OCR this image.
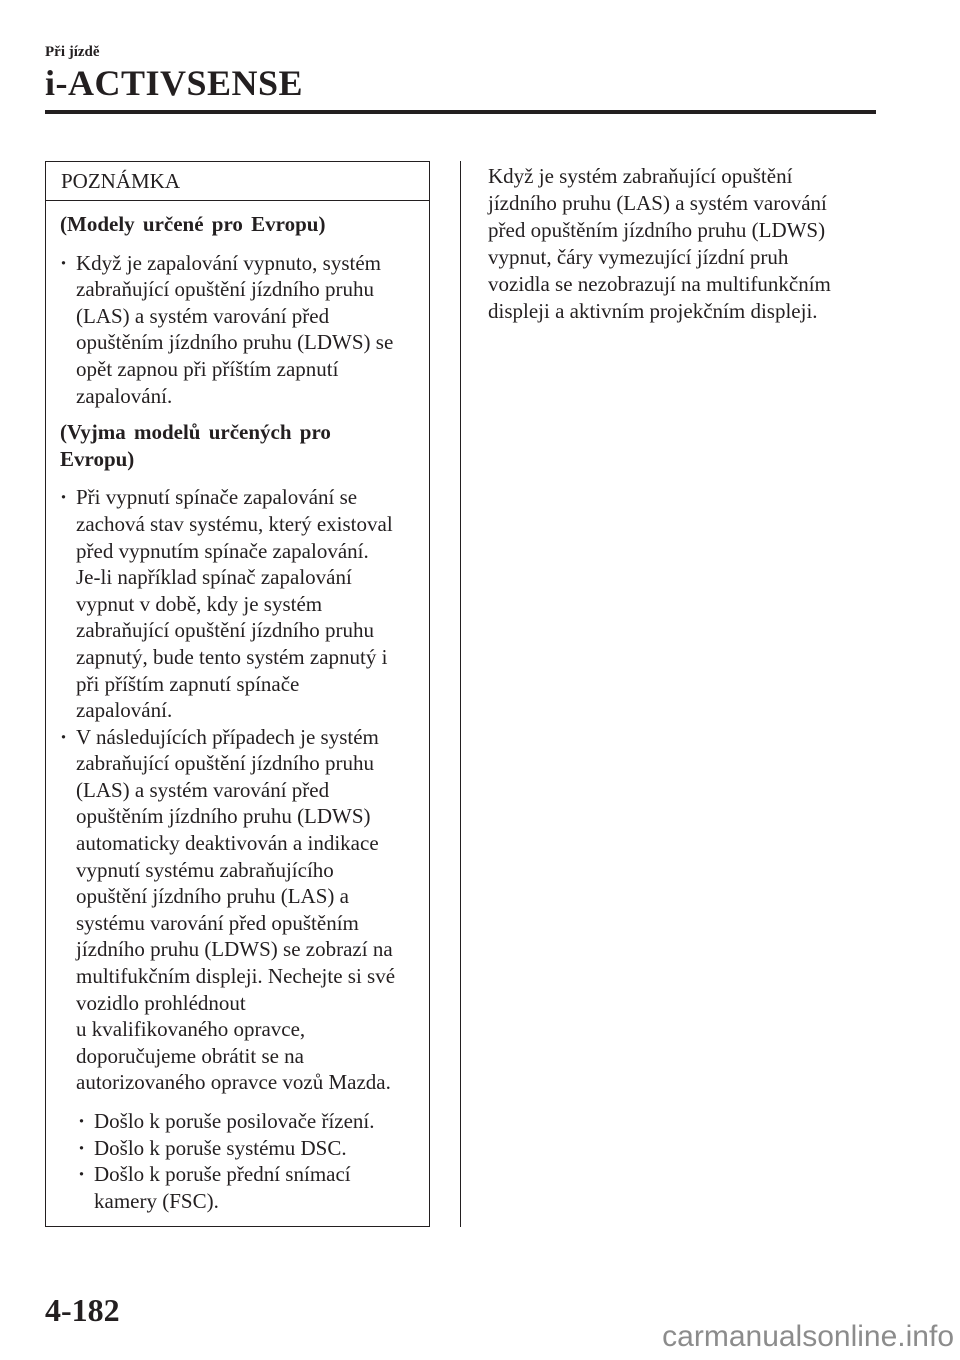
Při jízdě
i-ACTIVSENSE
POZNÁMKA
(Modely určené pro Evropu)
· Když je zapalování vypnuto, systém
zabraňující opuštění jízdního pruhu
(LAS) a systém varování před
opuštěním jízdního pruhu (LDWS) se
opět zapnou při příštím zapnutí
zapalování.
(Vyjma modelů určených pro
Evropu)
· Při vypnutí spínače zapalování se
zachová stav systému, který existoval
před vypnutím spínače zapalování.
Je-li například spínač zapalování
vypnut v době, kdy je systém
zabraňující opuštění jízdního pruhu
zapnutý, bude tento systém zapnutý i
při příštím zapnutí spínače
zapalování.
· V následujících případech je systém
zabraňující opuštění jízdního pruhu
(LAS) a systém varování před
opuštěním jízdního pruhu (LDWS)
automaticky deaktivován a indikace
vypnutí systému zabraňujícího
opuštění jízdního pruhu (LAS) a
systému varování před opuštěním
jízdního pruhu (LDWS) se zobrazí na
multifukčním displeji. Nechejte si své
vozidlo prohlédnout
u kvalifikovaného opravce,
doporučujeme obrátit se na
autorizovaného opravce vozů Mazda.
· Došlo k poruše posilovače řízení.
· Došlo k poruše systému DSC.
· Došlo k poruše přední snímací
kamery (FSC).
Když je systém zabraňující opuštění
jízdního pruhu (LAS) a systém varování
před opuštěním jízdního pruhu (LDWS)
vypnut, čáry vymezující jízdní pruh
vozidla se nezobrazují na multifunkčním
displeji a aktivním projekčním displeji.
4-182
carmanualsonline.info
